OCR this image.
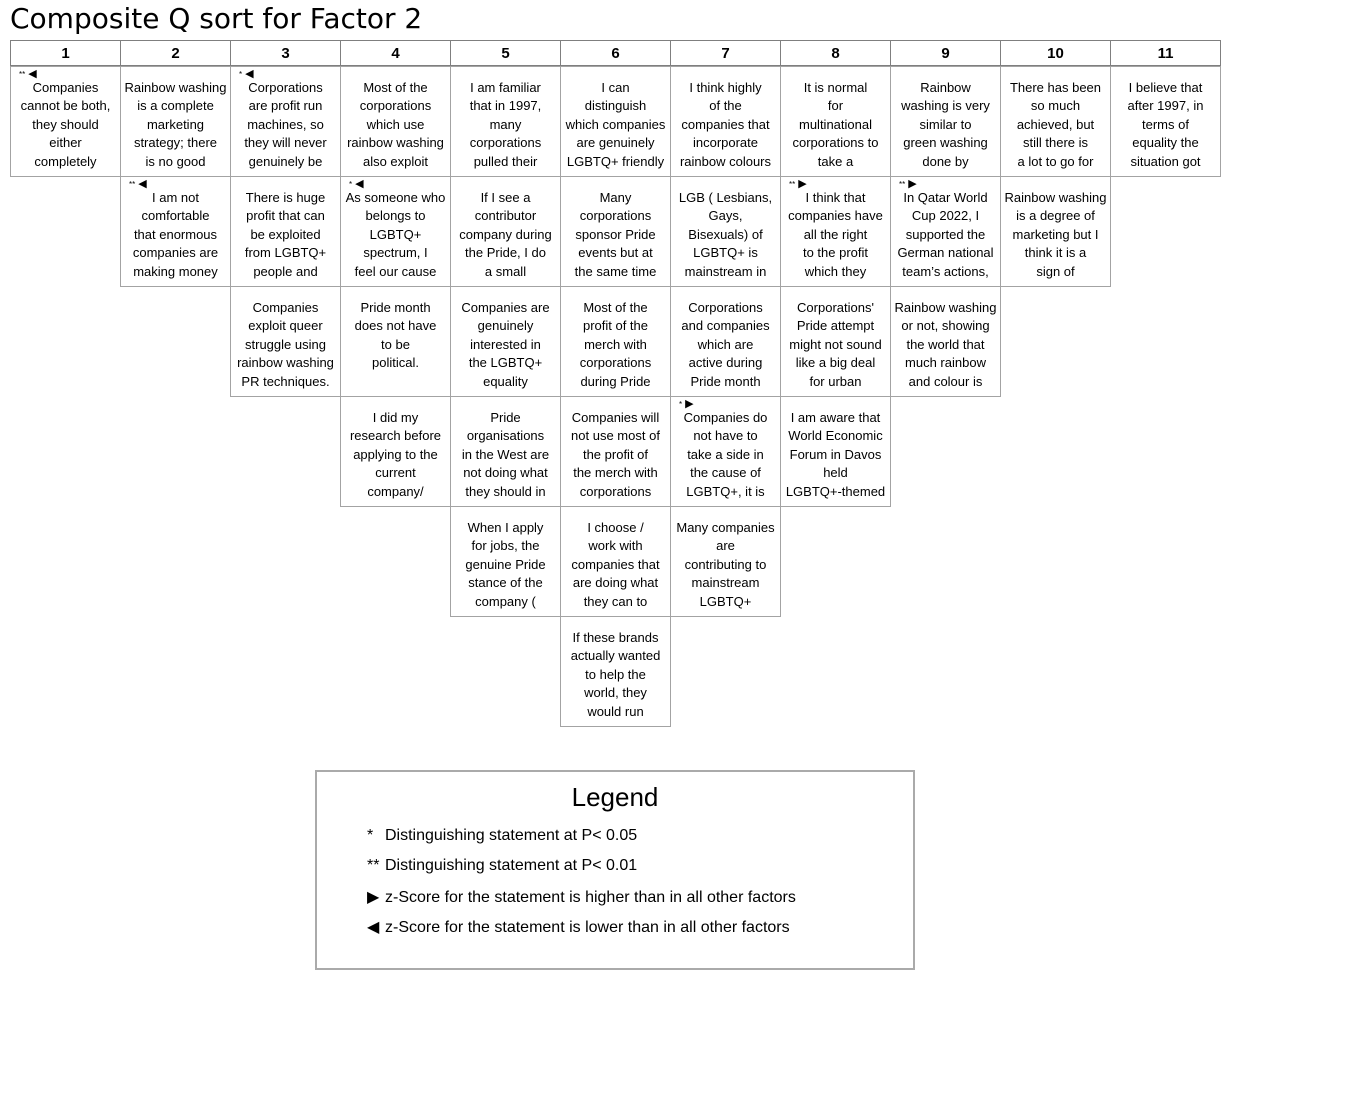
Composite Q sort for Factor 2
1
** ◀
Companies
cannot be both,
they should
either
completely
2
Rainbow washing
is a complete
marketing
strategy; there
is no good
** ◀
I am not
comfortable
that enormous
companies are
making money
3
* ◀
Corporations
are profit run
machines, so
they will never
genuinely be
There is huge
profit that can
be exploited
from LGBTQ+
people and
Companies
exploit queer
struggle using
rainbow washing
PR techniques.
4
Most of the
corporations
which use
rainbow washing
also exploit
* ◀
As someone who
belongs to
LGBTQ+
spectrum, I
feel our cause
Pride month
does not have
to be
political.
I did my
research before
applying to the
current
company/
5
I am familiar
that in 1997,
many
corporations
pulled their
If I see a
contributor
company during
the Pride, I do
a small
Companies are
genuinely
interested in
the LGBTQ+
equality
Pride
organisations
in the West are
not doing what
they should in
When I apply
for jobs, the
genuine Pride
stance of the
company (
6
I can
distinguish
which companies
are genuinely
LGBTQ+ friendly
Many
corporations
sponsor Pride
events but at
the same time
Most of the
profit of the
merch with
corporations
during Pride
Companies will
not use most of
the profit of
the merch with
corporations
I choose /
work with
companies that
are doing what
they can to
If these brands
actually wanted
to help the
world, they
would run
7
I think highly
of the
companies that
incorporate
rainbow colours
LGB ( Lesbians,
Gays,
Bisexuals) of
LGBTQ+ is
mainstream in
Corporations
and companies
which are
active during
Pride month
* ▶
Companies do
not have to
take a side in
the cause of
LGBTQ+, it is
Many companies
are
contributing to
mainstream
LGBTQ+
8
It is normal
for
multinational
corporations to
take a
** ▶
I think that
companies have
all the right
to the profit
which they
Corporations'
Pride attempt
might not sound
like a big deal
for urban
I am aware that
World Economic
Forum in Davos
held
LGBTQ+-themed
9
Rainbow
washing is very
similar to
green washing
done by
** ▶
In Qatar World
Cup 2022, I
supported the
German national
team’s actions,
Rainbow washing
or not, showing
the world that
much rainbow
and colour is
10
There has been
so much
achieved, but
still there is
a lot to go for
Rainbow washing
is a degree of
marketing but I
think it is a
sign of
11
I believe that
after 1997, in
terms of
equality the
situation got
Legend
* Distinguishing statement at P< 0.05
** Distinguishing statement at P< 0.01
▶ z-Score for the statement is higher than in all other factors
◀ z-Score for the statement is lower than in all other factors
